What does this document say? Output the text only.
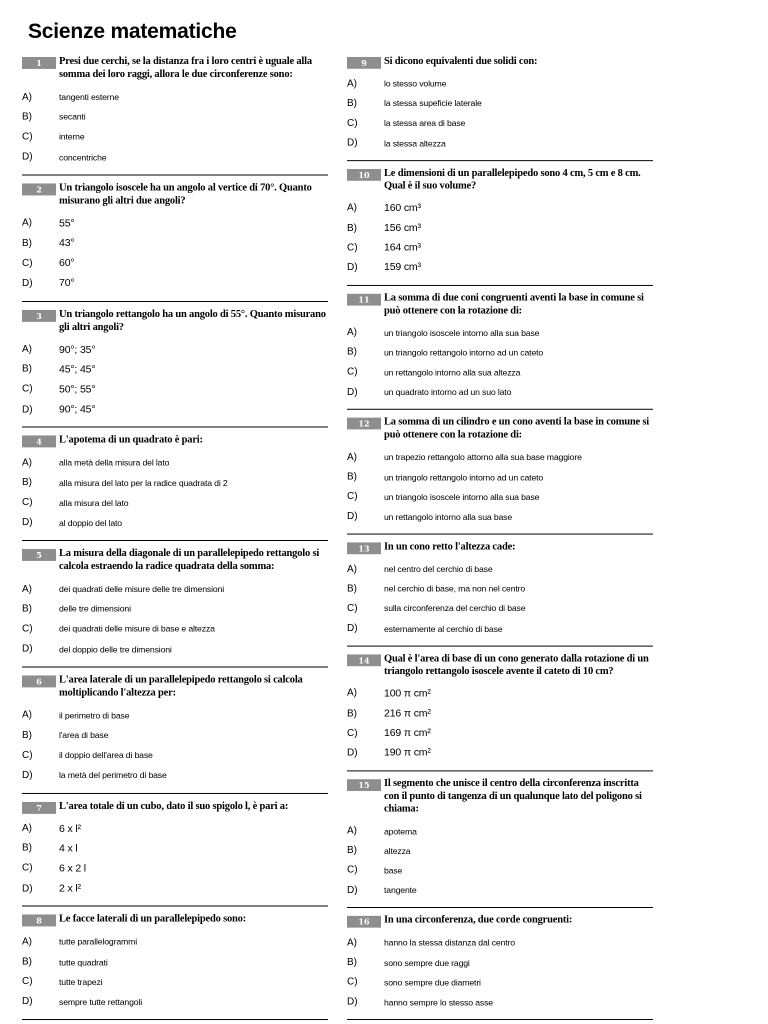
Scienze matematiche
1	Presi due cerchi, se la distanza fra i loro centri è uguale alla somma dei loro raggi, allora le due circonferenze sono:
A)	tangenti esterne
B)	secanti
C)	interne
D)	concentriche
2	Un triangolo isoscele ha un angolo al vertice di 70°. Quanto misurano gli altri due angoli?
A)	55°
B)	43°
C)	60°
D)	70°
3	Un triangolo rettangolo ha un angolo di 55°. Quanto misurano gli altri angoli?
A)	90°; 35°
B)	45°; 45°
C)	50°; 55°
D)	90°; 45°
4	L'apotema di un quadrato è pari:
A)	alla metà della misura del lato
B)	alla misura del lato per la radice quadrata di 2
C)	alla misura del lato
D)	al doppio del lato
5	La misura della diagonale di un parallelepipedo rettangolo si calcola estraendo la radice quadrata della somma:
A)	dei quadrati delle misure delle tre dimensioni
B)	delle tre dimensioni
C)	dei quadrati delle misure di base e altezza
D)	del doppio delle tre dimensioni
6	L'area laterale di un parallelepipedo rettangolo si calcola moltiplicando l'altezza per:
A)	il perimetro di base
B)	l'area di base
C)	il doppio dell'area di base
D)	la metà del perimetro di base
7	L'area totale di un cubo, dato il suo spigolo l, è pari a:
A)	6 x l²
B)	4 x l
C)	6 x 2 l
D)	2 x l²
8	Le facce laterali di un parallelepipedo sono:
A)	tutte parallelogrammi
B)	tutte quadrati
C)	tutte trapezi
D)	sempre tutte rettangoli
9	Si dicono equivalenti due solidi con:
A)	lo stesso volume
B)	la stessa supeficie laterale
C)	la stessa area di base
D)	la stessa altezza
10	Le dimensioni di un parallelepipedo sono 4 cm, 5 cm e 8 cm. Qual è il suo volume?
A)	160 cm³
B)	156 cm³
C)	164 cm³
D)	159 cm³
11	La somma di due coni congruenti aventi la base in comune si può ottenere con la rotazione di:
A)	un triangolo isoscele intorno alla sua base
B)	un triangolo rettangolo intorno ad un cateto
C)	un rettangolo intorno alla sua altezza
D)	un quadrato intorno ad un suo lato
12	La somma di un cilindro e un cono aventi la base in comune si può ottenere con la rotazione di:
A)	un trapezio rettangolo attorno alla sua base maggiore
B)	un triangolo rettangolo intorno ad un cateto
C)	un triangolo isoscele intorno alla sua base
D)	un rettangolo intorno alla sua base
13	In un cono retto l'altezza cade:
A)	nel centro del cerchio di base
B)	nel cerchio di base, ma non nel centro
C)	sulla circonferenza del cerchio di base
D)	esternamente al cerchio di base
14	Qual è l'area di base di un cono generato dalla rotazione di un triangolo rettangolo isoscele avente il cateto di 10 cm?
A)	100 π cm²
B)	216 π cm²
C)	169 π cm²
D)	190 π cm²
15	Il segmento che unisce il centro della circonferenza inscritta con il punto di tangenza di un qualunque lato del poligono si chiama:
A)	apotema
B)	altezza
C)	base
D)	tangente
16	In una circonferenza, due corde congruenti:
A)	hanno la stessa distanza dal centro
B)	sono sempre due raggi
C)	sono sempre due diametri
D)	hanno sempre lo stesso asse
